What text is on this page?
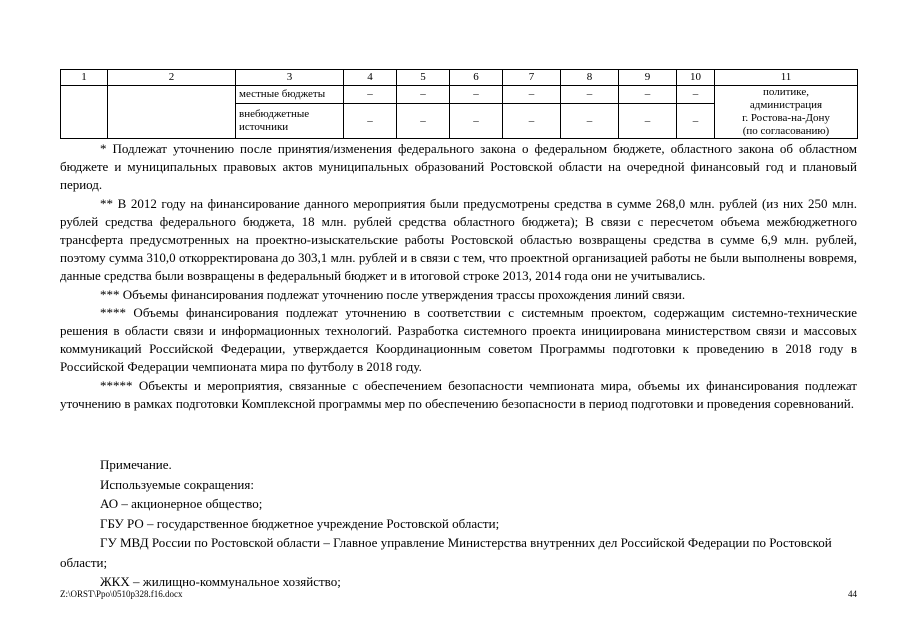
1	2	3	4	5	6	7	8	9	10	11
		местные бюджеты	–	–	–	–	–	–	–	политике,
администрация
г. Ростова-на-Дону
(по согласованию)

		внебюджетные источники	–	–	–	–	–	–	–	

* Подлежат уточнению после принятия/изменения федерального закона о федеральном бюджете, областного закона об областном бюджете и муниципальных правовых актов муниципальных образований Ростовской области на очередной финансовый год и плановый период.

** В 2012 году на финансирование данного мероприятия были предусмотрены средства в сумме 268,0 млн. рублей (из них 250 млн. рублей средства федерального бюджета, 18 млн. рублей средства областного бюджета); В связи с пересчетом объема межбюджетного трансферта предусмотренных на проектно-изыскательские работы Ростовской областью возвращены средства в сумме 6,9 млн. рублей, поэтому сумма 310,0 откорректирована до 303,1 млн. рублей и в связи с тем, что проектной организацией работы не были выполнены вовремя, данные средства были возвращены в федеральный бюджет и в итоговой строке 2013, 2014 года они не учитывались.

*** Объемы финансирования подлежат уточнению после утверждения трассы прохождения линий связи.

**** Объемы финансирования подлежат уточнению в соответствии с системным проектом, содержащим системно-технические решения в области связи и информационных технологий. Разработка системного проекта инициирована министерством связи и массовых коммуникаций Российской Федерации, утверждается Координационным советом Программы подготовки к проведению в 2018 году в Российской Федерации чемпионата мира по футболу в 2018 году.

***** Объекты и мероприятия, связанные с обеспечением безопасности чемпионата мира, объемы их финансирования подлежат уточнению в рамках подготовки Комплексной программы мер по обеспечению безопасности в период подготовки и проведения соревнований.

Примечание.

Используемые сокращения:

АО – акционерное общество;

ГБУ РО – государственное бюджетное учреждение Ростовской области;

ГУ МВД России по Ростовской области – Главное управление Министерства внутренних дел Российской Федерации по Ростовской области;

ЖКХ – жилищно-коммунальное хозяйство;

Z:\ORST\Ppo\0510p328.f16.docx	44
